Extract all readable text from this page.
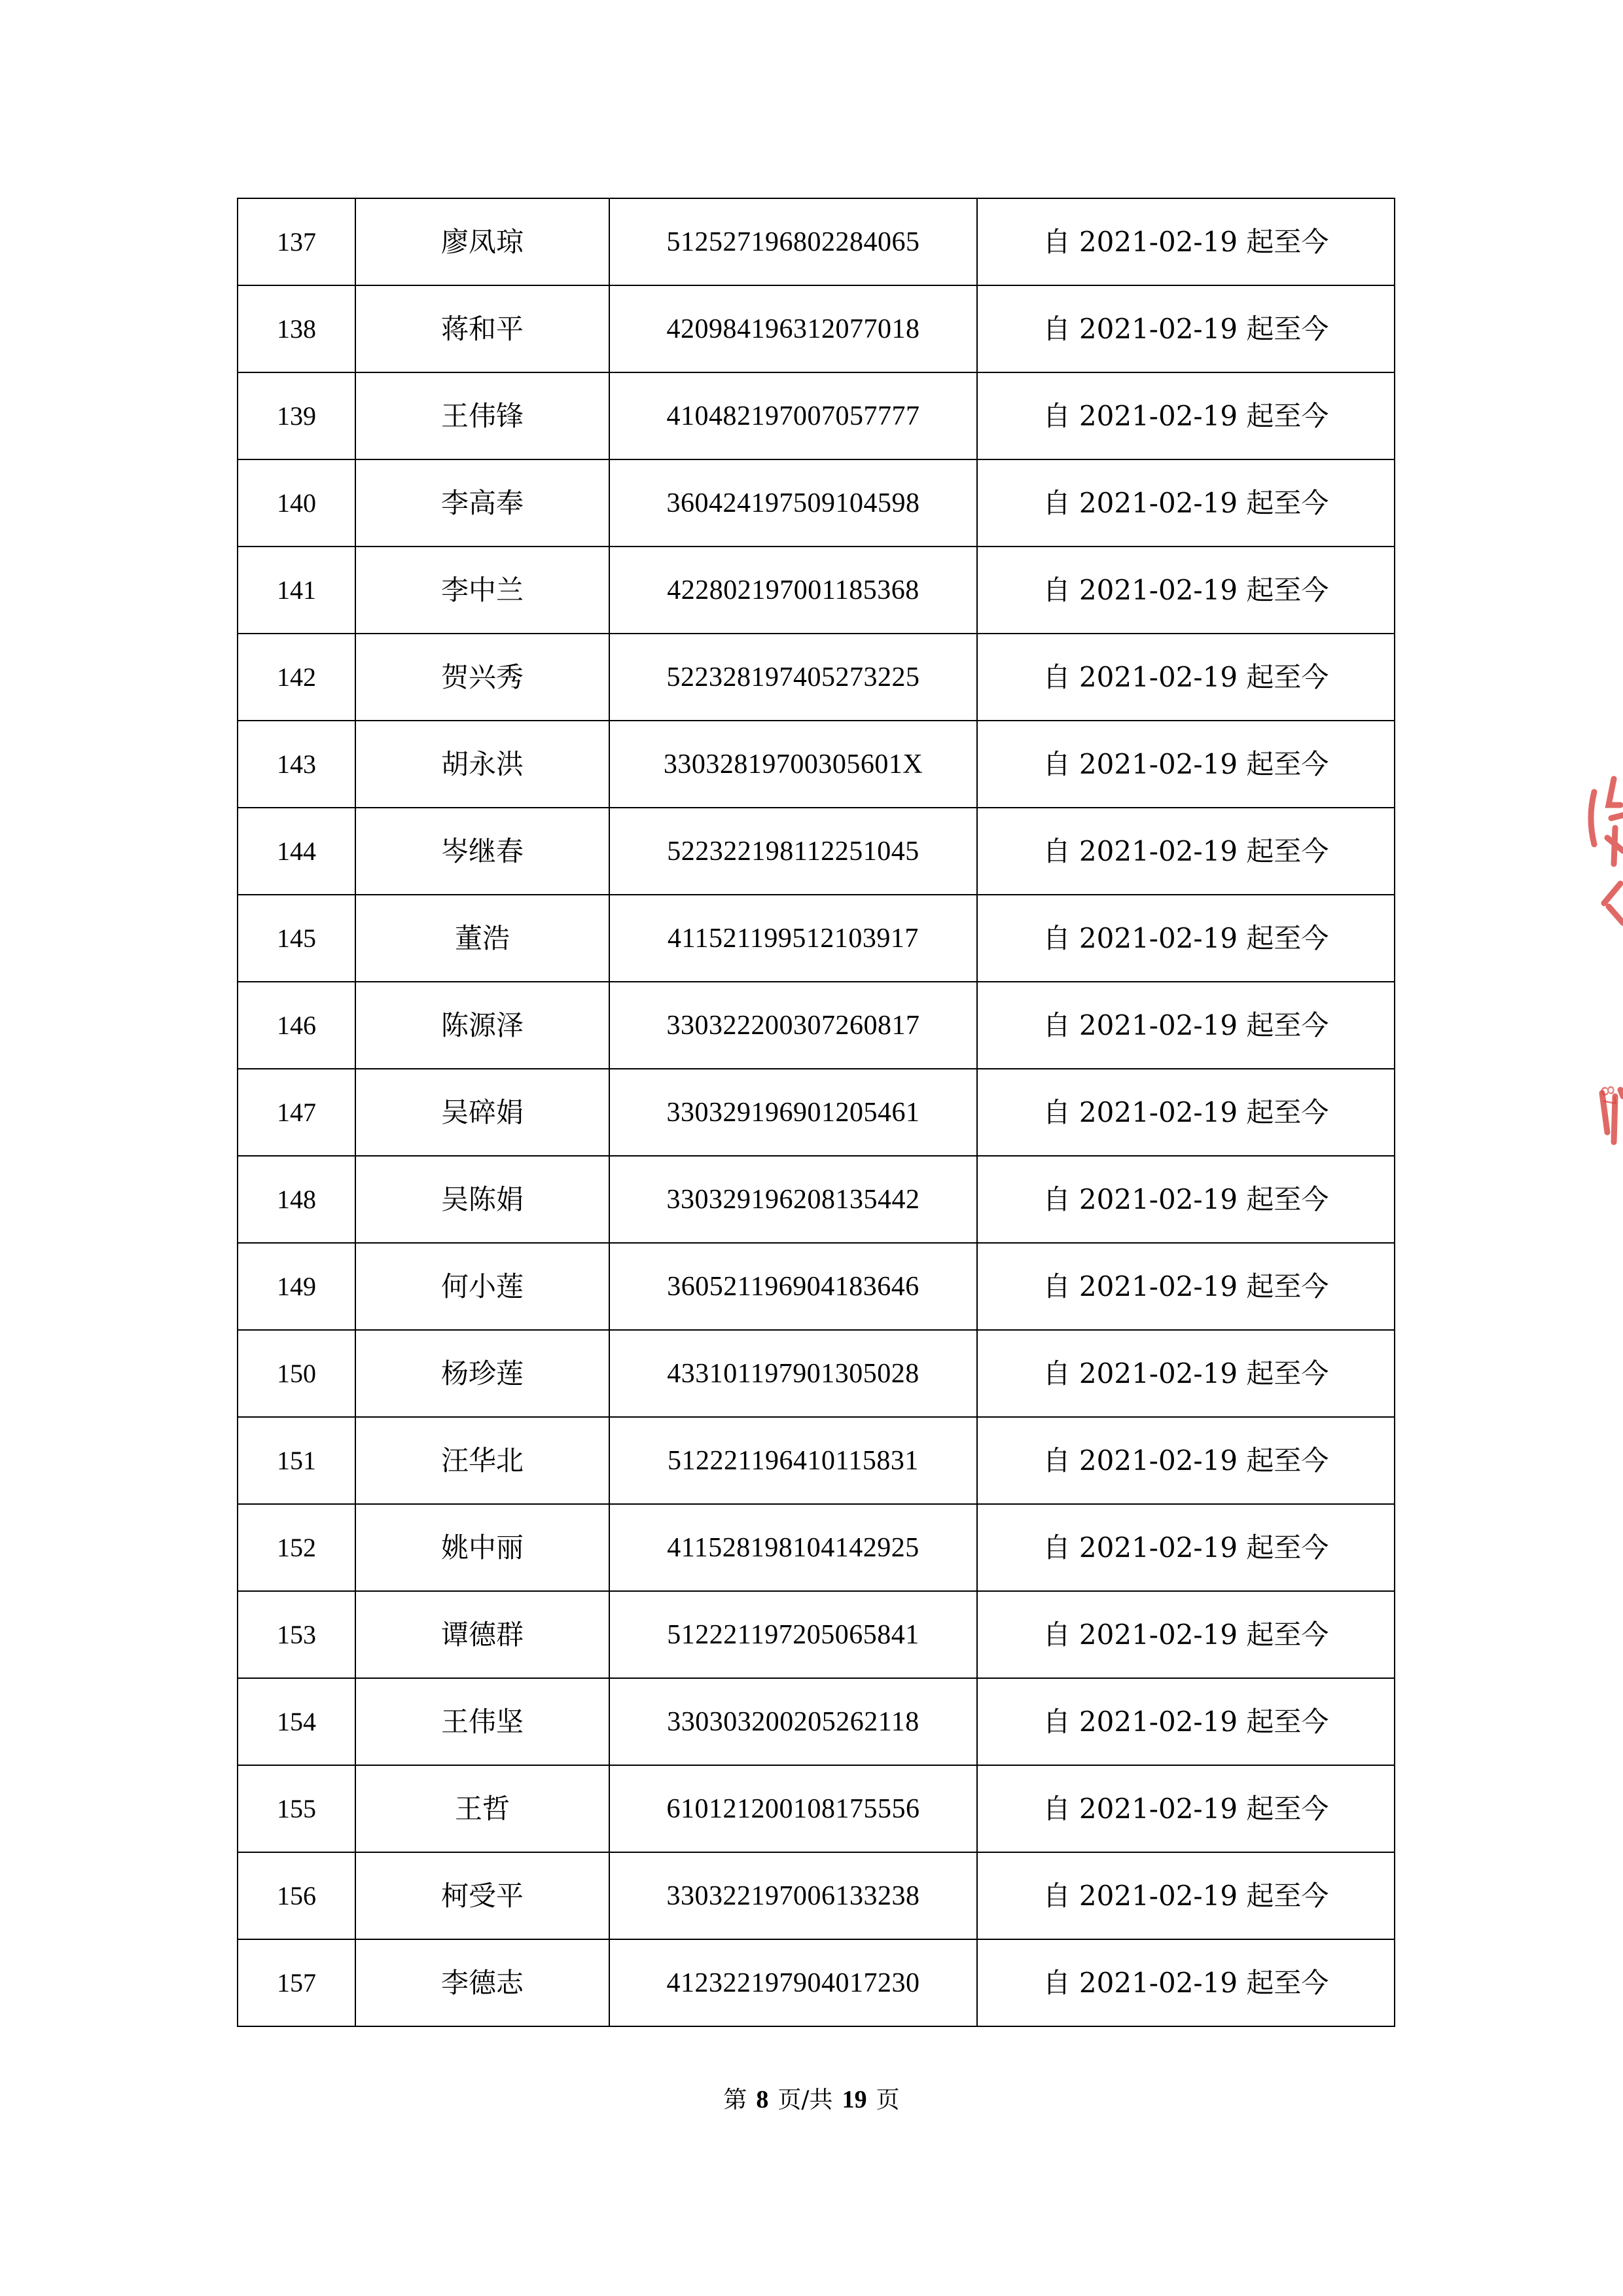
137	廖凤琼	512527196802284065	自 2021-02-19 起至今
138	蒋和平	420984196312077018	自 2021-02-19 起至今
139	王伟锋	410482197007057777	自 2021-02-19 起至今
140	李高奉	360424197509104598	自 2021-02-19 起至今
141	李中兰	422802197001185368	自 2021-02-19 起至今
142	贺兴秀	522328197405273225	自 2021-02-19 起至今
143	胡永洪	33032819700305601X	自 2021-02-19 起至今
144	岑继春	522322198112251045	自 2021-02-19 起至今
145	董浩	411521199512103917	自 2021-02-19 起至今
146	陈源泽	330322200307260817	自 2021-02-19 起至今
147	吴碎娟	330329196901205461	自 2021-02-19 起至今
148	吴陈娟	330329196208135442	自 2021-02-19 起至今
149	何小莲	360521196904183646	自 2021-02-19 起至今
150	杨珍莲	433101197901305028	自 2021-02-19 起至今
151	汪华北	512221196410115831	自 2021-02-19 起至今
152	姚中丽	411528198104142925	自 2021-02-19 起至今
153	谭德群	512221197205065841	自 2021-02-19 起至今
154	王伟坚	330303200205262118	自 2021-02-19 起至今
155	王哲	610121200108175556	自 2021-02-19 起至今
156	柯受平	330322197006133238	自 2021-02-19 起至今
157	李德志	412322197904017230	自 2021-02-19 起至今
第 8 页/共 19 页
87
